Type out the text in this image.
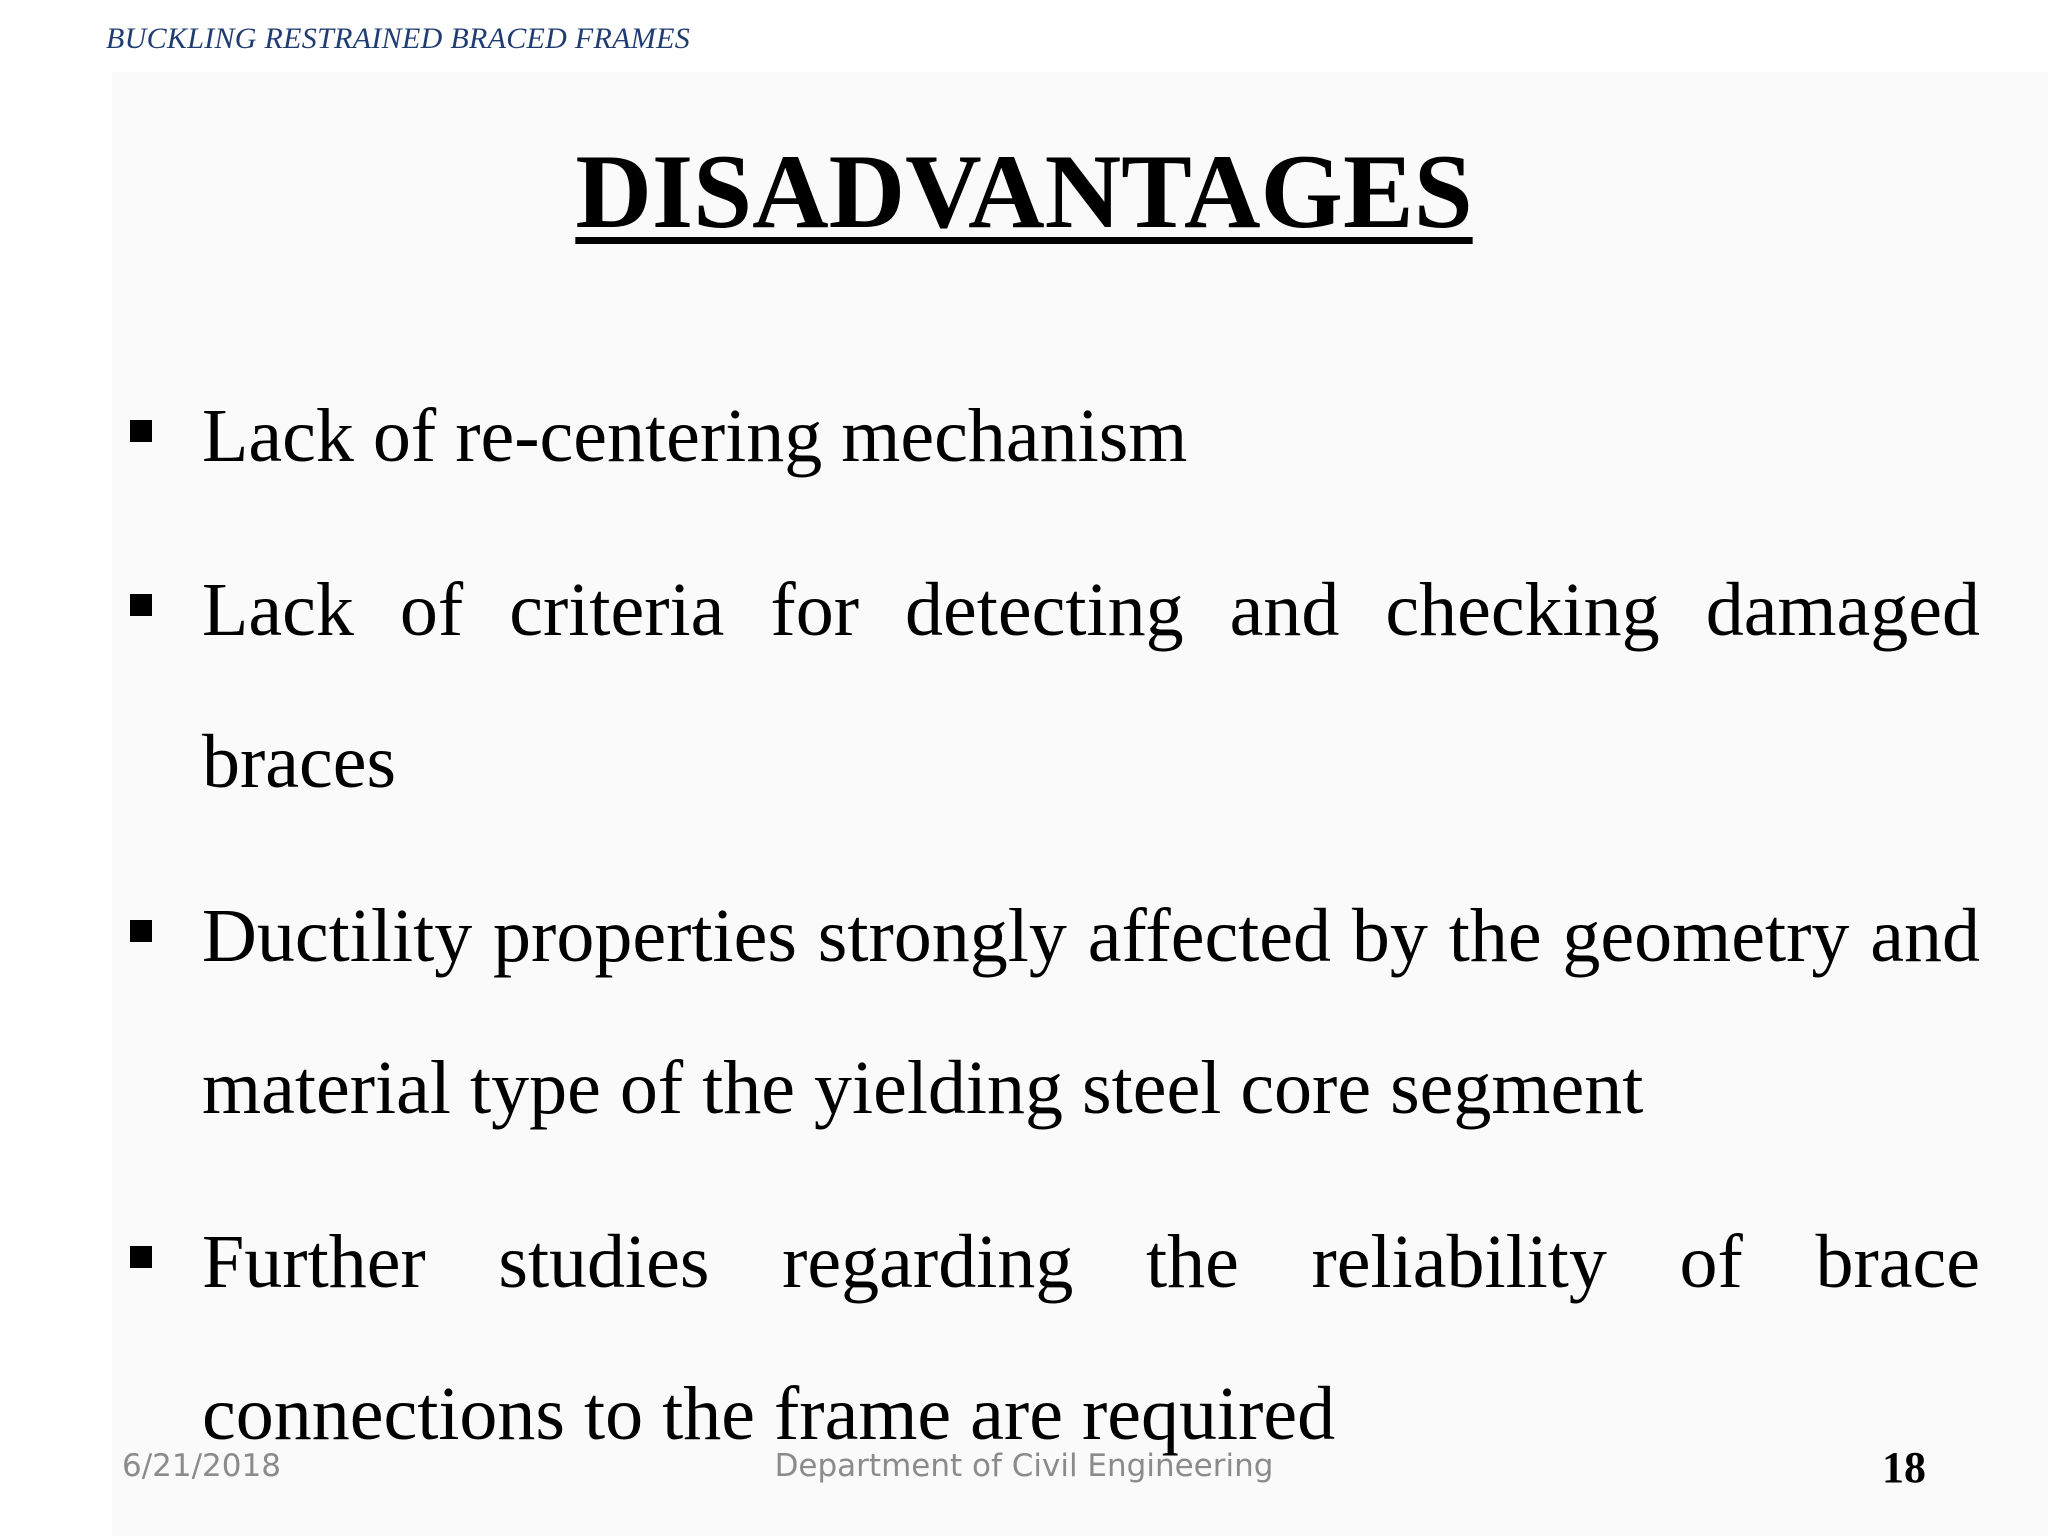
BUCKLING RESTRAINED BRACED FRAMES
DISADVANTAGES
Lack of re-centering mechanism
Lack of criteria for detecting and checking damaged braces
Ductility properties strongly affected by the geometry and material type of the yielding steel core segment
Further studies regarding the reliability of brace connections to the frame are required
6/21/2018	Department of Civil Engineering	18
